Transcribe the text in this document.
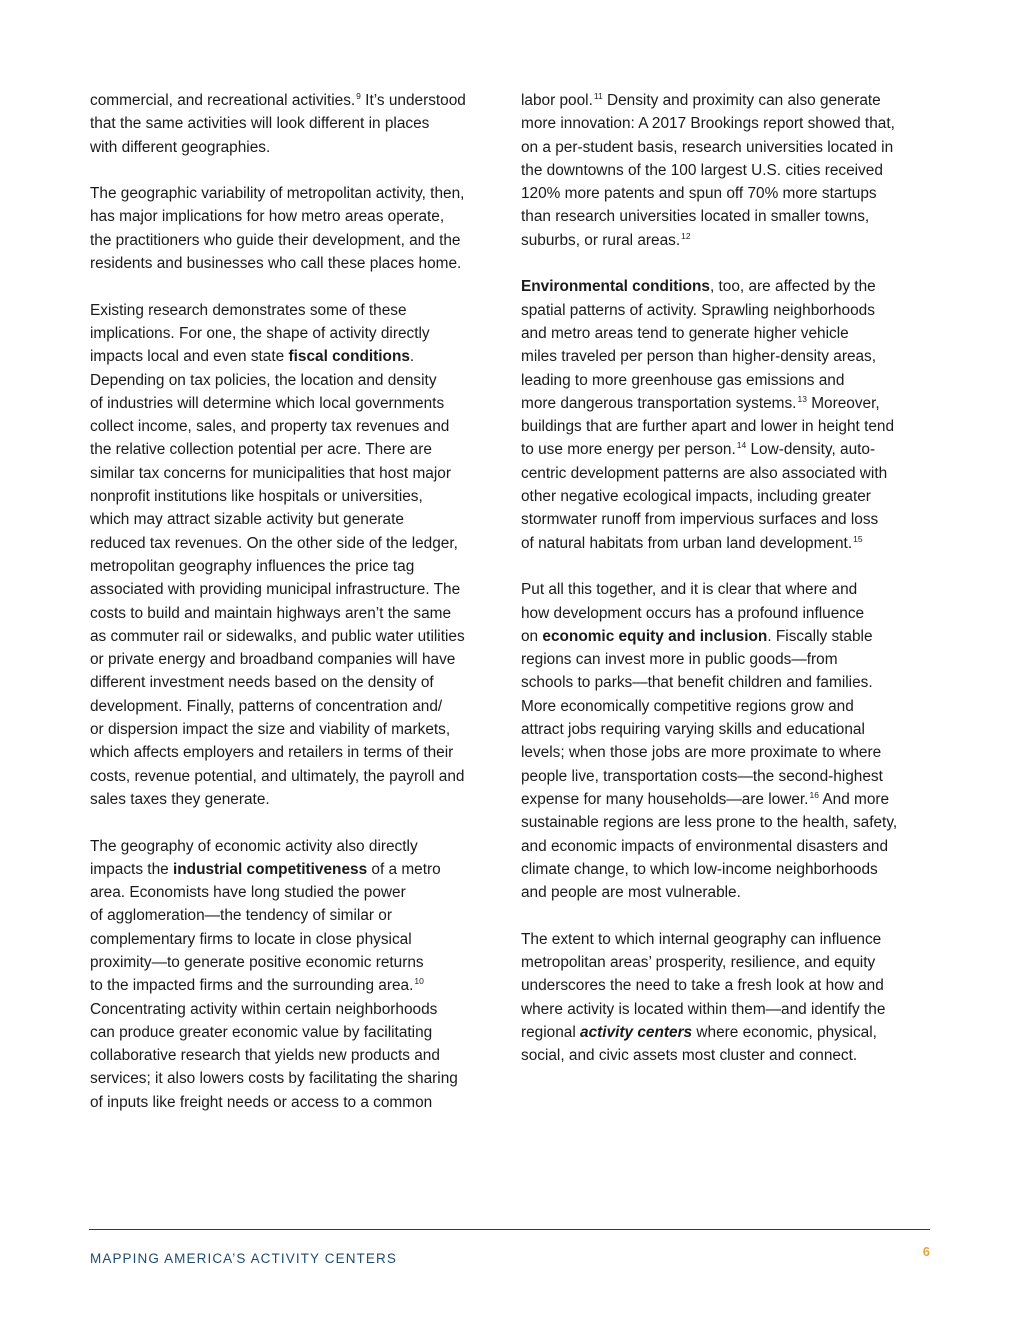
commercial, and recreational activities.$^9$ It’s understood
that the same activities will look different in places
with different geographies.
The geographic variability of metropolitan activity, then,
has major implications for how metro areas operate,
the practitioners who guide their development, and the
residents and businesses who call these places home.
Existing research demonstrates some of these
implications. For one, the shape of activity directly
impacts local and even state fiscal conditions.
Depending on tax policies, the location and density
of industries will determine which local governments
collect income, sales, and property tax revenues and
the relative collection potential per acre. There are
similar tax concerns for municipalities that host major
nonprofit institutions like hospitals or universities,
which may attract sizable activity but generate
reduced tax revenues. On the other side of the ledger,
metropolitan geography influences the price tag
associated with providing municipal infrastructure. The
costs to build and maintain highways aren’t the same
as commuter rail or sidewalks, and public water utilities
or private energy and broadband companies will have
different investment needs based on the density of
development. Finally, patterns of concentration and/
or dispersion impact the size and viability of markets,
which affects employers and retailers in terms of their
costs, revenue potential, and ultimately, the payroll and
sales taxes they generate.
The geography of economic activity also directly
impacts the industrial competitiveness of a metro
area. Economists have long studied the power
of agglomeration—the tendency of similar or
complementary firms to locate in close physical
proximity—to generate positive economic returns
to the impacted firms and the surrounding area.$^{10}$
Concentrating activity within certain neighborhoods
can produce greater economic value by facilitating
collaborative research that yields new products and
services; it also lowers costs by facilitating the sharing
of inputs like freight needs or access to a common
labor pool.$^{11}$ Density and proximity can also generate
more innovation: A 2017 Brookings report showed that,
on a per-student basis, research universities located in
the downtowns of the 100 largest U.S. cities received
120% more patents and spun off 70% more startups
than research universities located in smaller towns,
suburbs, or rural areas.$^{12}$
Environmental conditions, too, are affected by the
spatial patterns of activity. Sprawling neighborhoods
and metro areas tend to generate higher vehicle
miles traveled per person than higher-density areas,
leading to more greenhouse gas emissions and
more dangerous transportation systems.$^{13}$ Moreover,
buildings that are further apart and lower in height tend
to use more energy per person.$^{14}$ Low-density, auto-
centric development patterns are also associated with
other negative ecological impacts, including greater
stormwater runoff from impervious surfaces and loss
of natural habitats from urban land development.$^{15}$
Put all this together, and it is clear that where and
how development occurs has a profound influence
on economic equity and inclusion. Fiscally stable
regions can invest more in public goods—from
schools to parks—that benefit children and families.
More economically competitive regions grow and
attract jobs requiring varying skills and educational
levels; when those jobs are more proximate to where
people live, transportation costs—the second-highest
expense for many households—are lower.$^{16}$ And more
sustainable regions are less prone to the health, safety,
and economic impacts of environmental disasters and
climate change, to which low-income neighborhoods
and people are most vulnerable.
The extent to which internal geography can influence
metropolitan areas’ prosperity, resilience, and equity
underscores the need to take a fresh look at how and
where activity is located within them—and identify the
regional activity centers where economic, physical,
social, and civic assets most cluster and connect.
MAPPING AMERICA’S ACTIVITY CENTERS	6
